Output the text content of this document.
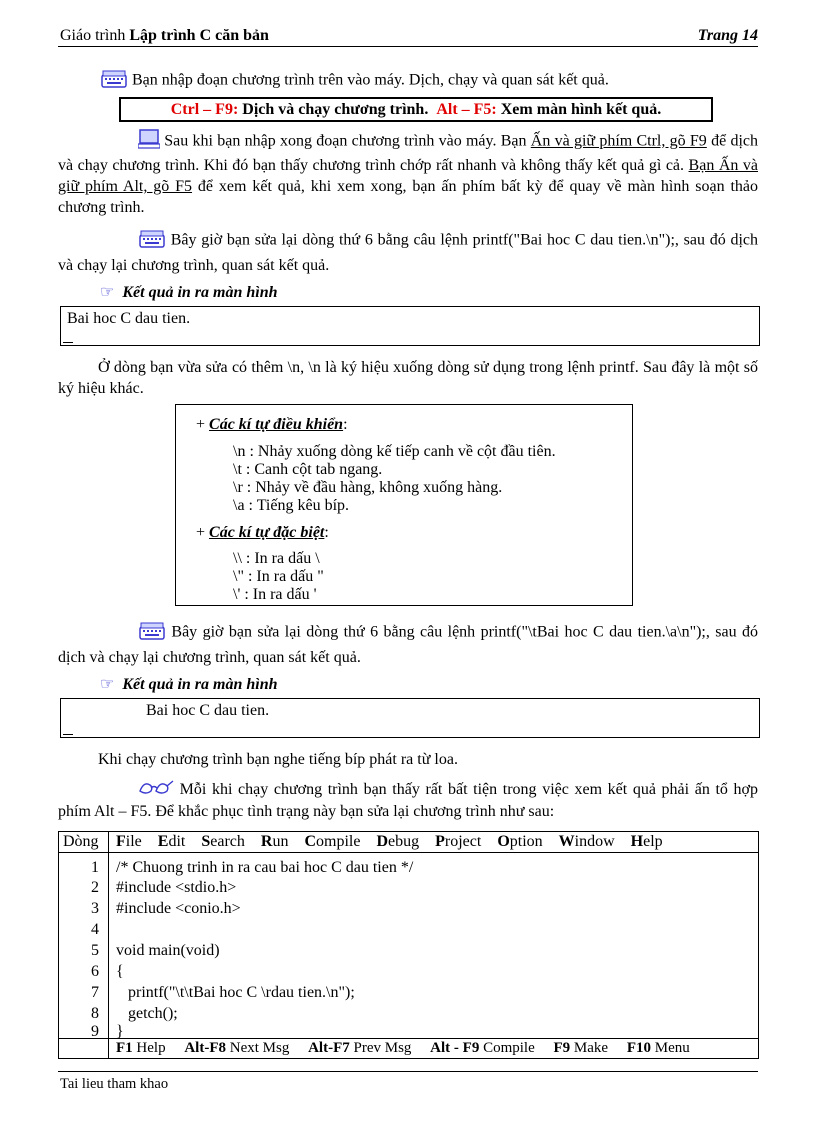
Giáo trình Lập trình C căn bản	Trang 14
Bạn nhập đoạn chương trình trên vào máy. Dịch, chạy và quan sát kết quả.
Ctrl – F9: Dịch và chạy chương trình. Alt – F5: Xem màn hình kết quả.
Sau khi bạn nhập xong đoạn chương trình vào máy. Bạn Ấn và giữ phím Ctrl, gõ F9 để dịch và chạy chương trình. Khi đó bạn thấy chương trình chớp rất nhanh và không thấy kết quả gì cả. Bạn Ấn và giữ phím Alt, gõ F5 để xem kết quả, khi xem xong, bạn ấn phím bất kỳ để quay về màn hình soạn thảo chương trình.
Bây giờ bạn sửa lại dòng thứ 6 bằng câu lệnh printf("Bai hoc C dau tien.\n");, sau đó dịch và chạy lại chương trình, quan sát kết quả.
☞ Kết quả in ra màn hình
Bai hoc C dau tien.
Ở dòng bạn vừa sửa có thêm \n, \n là ký hiệu xuống dòng sử dụng trong lệnh printf. Sau đây là một số ký hiệu khác.
+ Các kí tự điều khiển:
\n : Nhảy xuống dòng kế tiếp canh về cột đầu tiên.
\t : Canh cột tab ngang.
\r : Nhảy về đầu hàng, không xuống hàng.
\a : Tiếng kêu bíp.
+ Các kí tự đặc biệt:
\\ : In ra dấu \
\" : In ra dấu "
\' : In ra dấu '
Bây giờ bạn sửa lại dòng thứ 6 bằng câu lệnh printf("\tBai hoc C dau tien.\a\n");, sau đó dịch và chạy lại chương trình, quan sát kết quả.
☞ Kết quả in ra màn hình
Bai hoc C dau tien.
Khi chạy chương trình bạn nghe tiếng bíp phát ra từ loa.
Mỗi khi chạy chương trình bạn thấy rất bất tiện trong việc xem kết quả phải ấn tổ hợp phím Alt – F5. Để khắc phục tình trạng này bạn sửa lại chương trình như sau:
Dòng File Edit Search Run Compile Debug Project Option Window Help
1 /* Chuong trinh in ra cau bai hoc C dau tien */
2 #include <stdio.h>
3 #include <conio.h>
4
5 void main(void)
6 {
7 printf("\t\tBai hoc C \rdau tien.\n");
8 getch();
9 }
F1 Help Alt-F8 Next Msg Alt-F7 Prev Msg Alt - F9 Compile F9 Make F10 Menu
Tai lieu tham khao
